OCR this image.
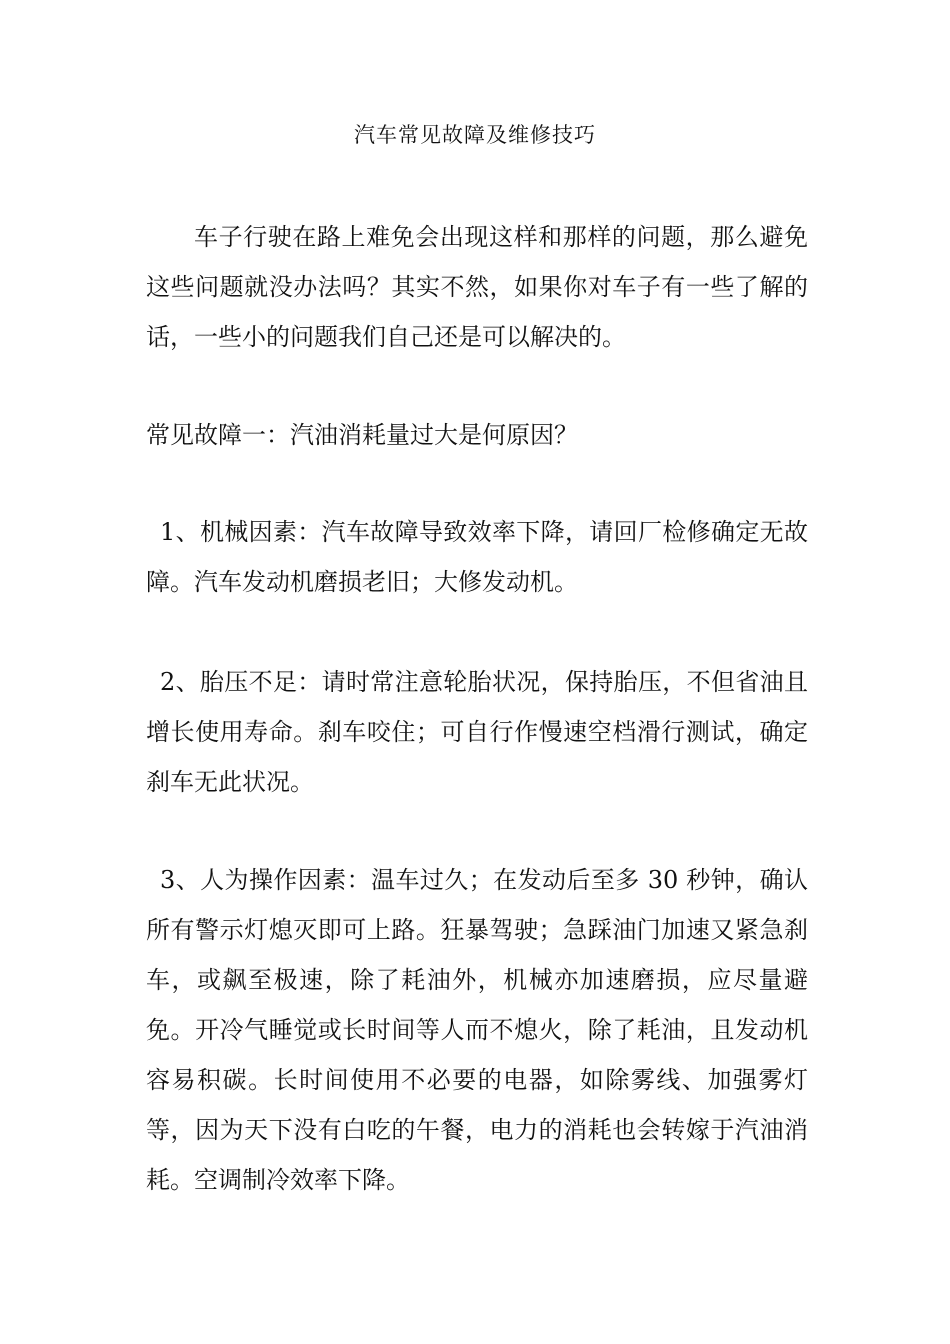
汽车常见故障及维修技巧
车子行驶在路上难免会出现这样和那样的问题，那么避免这些问题就没办法吗？其实不然，如果你对车子有一些了解的话，一些小的问题我们自己还是可以解决的。
常见故障一：汽油消耗量过大是何原因？
1、机械因素：汽车故障导致效率下降，请回厂检修确定无故障。汽车发动机磨损老旧；大修发动机。
2、胎压不足：请时常注意轮胎状况，保持胎压，不但省油且增长使用寿命。刹车咬住；可自行作慢速空档滑行测试，确定刹车无此状况。
3、人为操作因素：温车过久；在发动后至多 30 秒钟，确认所有警示灯熄灭即可上路。狂暴驾驶；急踩油门加速又紧急刹车，或飙至极速，除了耗油外，机械亦加速磨损，应尽量避免。开冷气睡觉或长时间等人而不熄火，除了耗油，且发动机容易积碳。长时间使用不必要的电器，如除雾线、加强雾灯等，因为天下没有白吃的午餐，电力的消耗也会转嫁于汽油消耗。空调制冷效率下降。
